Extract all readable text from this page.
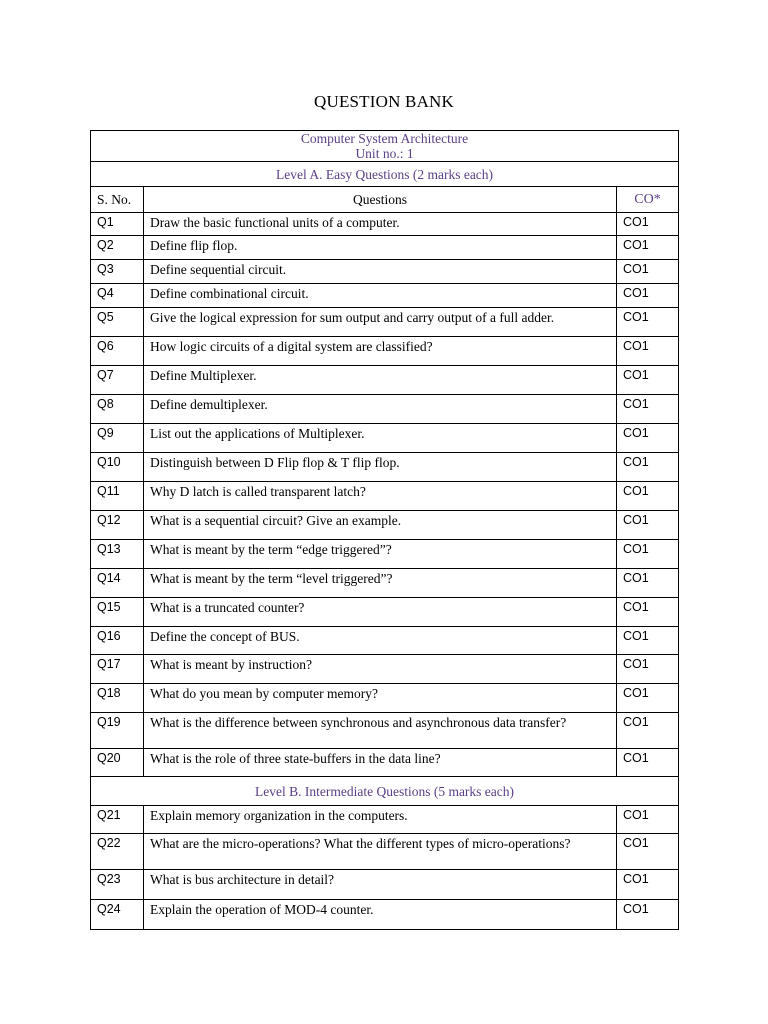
QUESTION BANK
Computer System Architecture
Unit no.: 1		

Level A. Easy Questions (2 marks each)		
S. No.	Questions	CO*

Q1	Draw the basic functional units of a computer.	CO1

Q2	Define flip flop.	CO1

Q3	Define sequential circuit.	CO1

Q4	Define combinational circuit.	CO1

Q5	Give the logical expression for sum output and carry output of a full adder.	CO1

Q6	How logic circuits of a digital system are classified?	CO1

Q7	Define Multiplexer.	CO1

Q8	Define demultiplexer.	CO1

Q9	List out the applications of Multiplexer.	CO1

Q10	Distinguish between D Flip flop & T flip flop.	CO1

Q11	Why D latch is called transparent latch?	CO1

Q12	What is a sequential circuit? Give an example.	CO1

Q13	What is meant by the term “edge triggered”?	CO1

Q14	What is meant by the term “level triggered”?	CO1

Q15	What is a truncated counter?	CO1

Q16	Define the concept of BUS.	CO1

Q17	What is meant by instruction?	CO1

Q18	What do you mean by computer memory?	CO1

Q19	What is the difference between synchronous and asynchronous data transfer?	CO1

Q20	What is the role of three state-buffers in the data line?	CO1

Level B. Intermediate Questions (5 marks each)		

Q21	Explain memory organization in the computers.	CO1

Q22	What are the micro-operations? What the different types of micro-operations?	CO1

Q23	What is bus architecture in detail?	CO1

Q24	Explain the operation of MOD-4 counter.	CO1
